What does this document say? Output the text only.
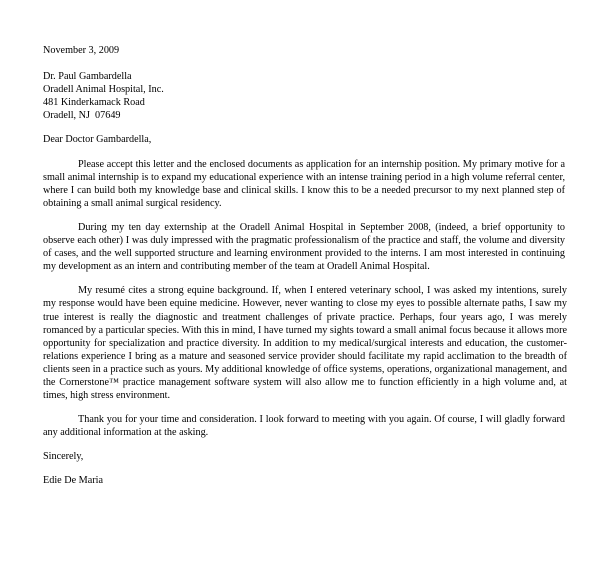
November 3, 2009
Dr. Paul Gambardella
Oradell Animal Hospital, Inc.
481 Kinderkamack Road
Oradell, NJ  07649
Dear Doctor Gambardella,

Please accept this letter and the enclosed documents as application for an internship position. My primary motive for a small animal internship is to expand my educational experience with an intense training period in a high volume referral center, where I can build both my knowledge base and clinical skills. I know this to be a needed precursor to my next planned step of obtaining a small animal surgical residency.

During my ten day externship at the Oradell Animal Hospital in September 2008, (indeed, a brief opportunity to observe each other) I was duly impressed with the pragmatic professionalism of the practice and staff, the volume and diversity of cases, and the well supported structure and learning environment provided to the interns. I am most interested in continuing my development as an intern and contributing member of the team at Oradell Animal Hospital.

My resumé cites a strong equine background. If, when I entered veterinary school, I was asked my intentions, surely my response would have been equine medicine. However, never wanting to close my eyes to possible alternate paths, I saw my true interest is really the diagnostic and treatment challenges of private practice. Perhaps, four years ago, I was merely romanced by a particular species. With this in mind, I have turned my sights toward a small animal focus because it allows more opportunity for specialization and practice diversity. In addition to my medical/surgical interests and education, the customer-relations experience I bring as a mature and seasoned service provider should facilitate my rapid acclimation to the breadth of clients seen in a practice such as yours. My additional knowledge of office systems, operations, organizational management, and the Cornerstone™ practice management software system will also allow me to function efficiently in a high volume and, at times, high stress environment.

Thank you for your time and consideration. I look forward to meeting with you again. Of course, I will gladly forward any additional information at the asking.

Sincerely,
Edie De Maria
